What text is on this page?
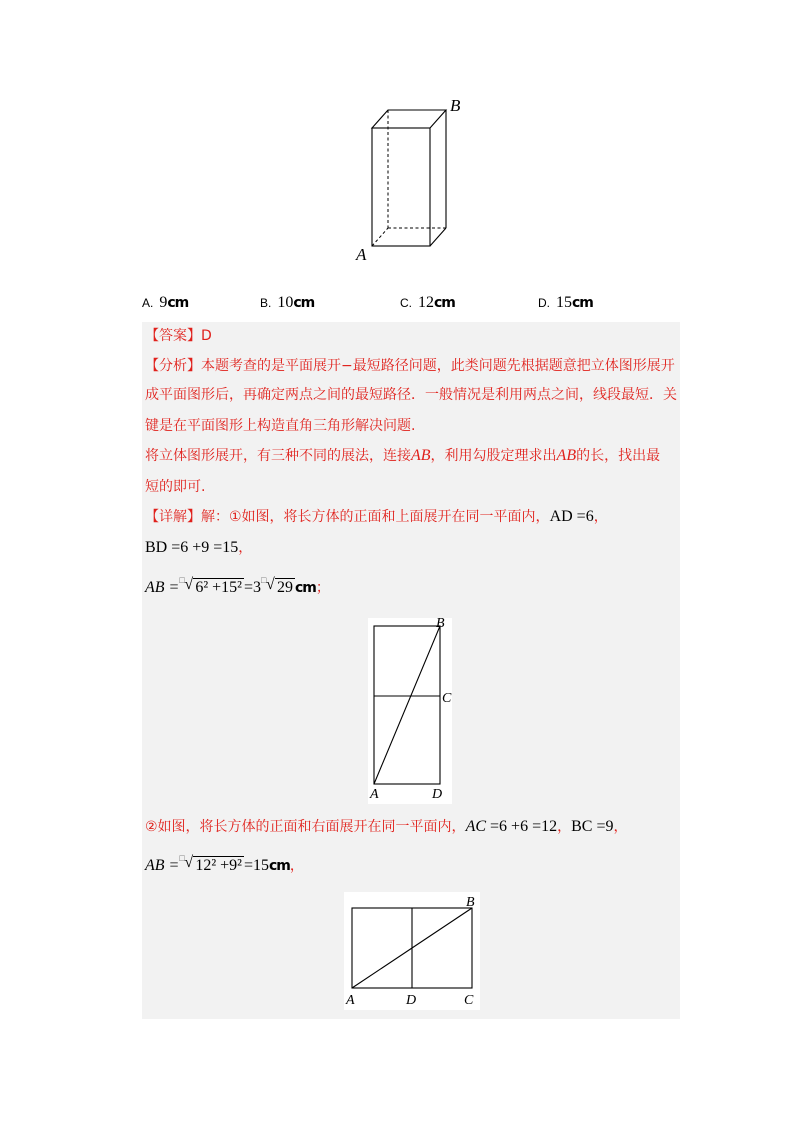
B
A
A. 9cm	B. 10cm	C. 12cm	D. 15cm
【答案】D
【分析】本题考查的是平面展开−最短路径问题，此类问题先根据题意把立体图形展开
成平面图形后，再确定两点之间的最短路径．一般情况是利用两点之间，线段最短．关
键是在平面图形上构造直角三角形解决问题.
将立体图形展开，有三种不同的展法，连接AB，利用勾股定理求出AB的长，找出最
短的即可.
【详解】解：①如图，将长方体的正面和上面展开在同一平面内，AD =6，
BD =6 +9 =15，
AB = □ √ 6² +15² =3 □ √ 29 cm；
B
C
A	D
②如图，将长方体的正面和右面展开在同一平面内，AC =6 +6 =12，BC =9，
AB = □ √ 12² +9² =15cm，
B
A	D	C
